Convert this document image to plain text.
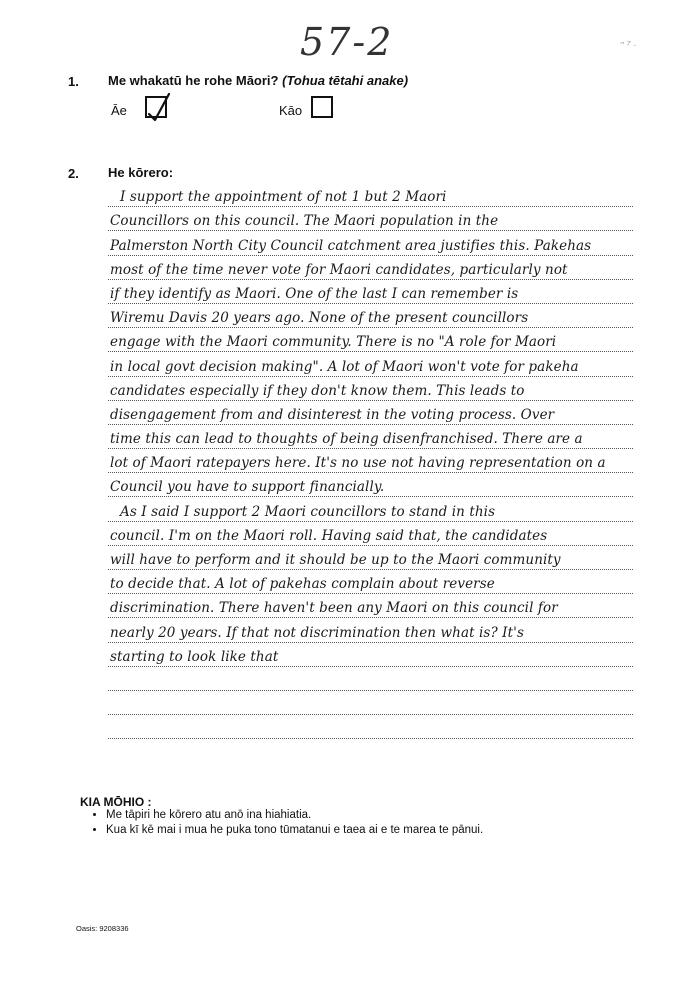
57-2	ᵔ ⁷ ·
1. Me whakatū he rohe Māori? (Tohua tētahi anake)
Āe	Kāo
2. He kōrero:
I support the appointment of not 1 but 2 Maori
Councillors on this council. The Maori population in the
Palmerston North City Council catchment area justifies this. Pakehas
most of the time never vote for Maori candidates, particularly not
if they identify as Maori. One of the last I can remember is
Wiremu Davis 20 years ago. None of the present councillors
engage with the Maori community. There is no "A role for Maori
in local govt decision making". A lot of Maori won't vote for pakeha
candidates especially if they don't know them. This leads to
disengagement from and disinterest in the voting process. Over
time this can lead to thoughts of being disenfranchised. There are a
lot of Maori ratepayers here. It's no use not having representation on a
Council you have to support financially.
As I said I support 2 Maori councillors to stand in this
council. I'm on the Maori roll. Having said that, the candidates
will have to perform and it should be up to the Maori community
to decide that. A lot of pakehas complain about reverse
discrimination. There haven't been any Maori on this council for
nearly 20 years. If that not discrimination then what is? It's
starting to look like that
KIA MŌHIO :
• Me tāpiri he kōrero atu anō ina hiahiatia.
• Kua kī kē mai i mua he puka tono tūmatanui e taea ai e te marea te pānui.
Oasis: 9208336
